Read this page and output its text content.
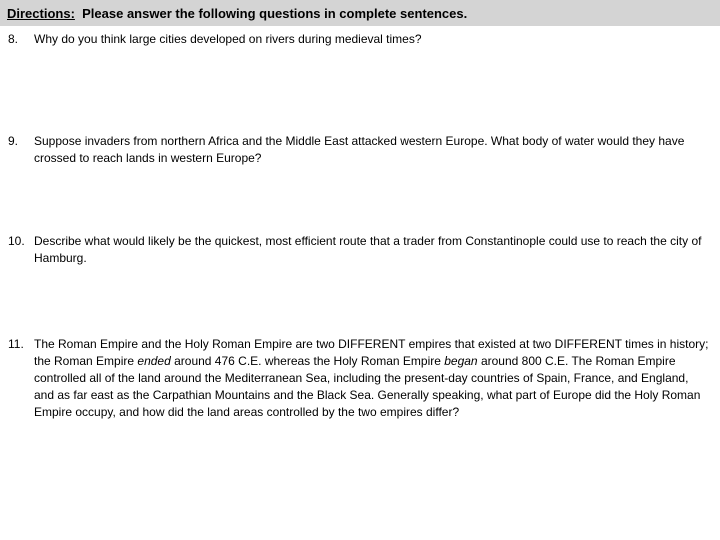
Directions: Please answer the following questions in complete sentences.
8. Why do you think large cities developed on rivers during medieval times?
9. Suppose invaders from northern Africa and the Middle East attacked western Europe. What body of water would they have crossed to reach lands in western Europe?
10. Describe what would likely be the quickest, most efficient route that a trader from Constantinople could use to reach the city of Hamburg.
11. The Roman Empire and the Holy Roman Empire are two DIFFERENT empires that existed at two DIFFERENT times in history; the Roman Empire ended around 476 C.E. whereas the Holy Roman Empire began around 800 C.E. The Roman Empire controlled all of the land around the Mediterranean Sea, including the present-day countries of Spain, France, and England, and as far east as the Carpathian Mountains and the Black Sea. Generally speaking, what part of Europe did the Holy Roman Empire occupy, and how did the land areas controlled by the two empires differ?
